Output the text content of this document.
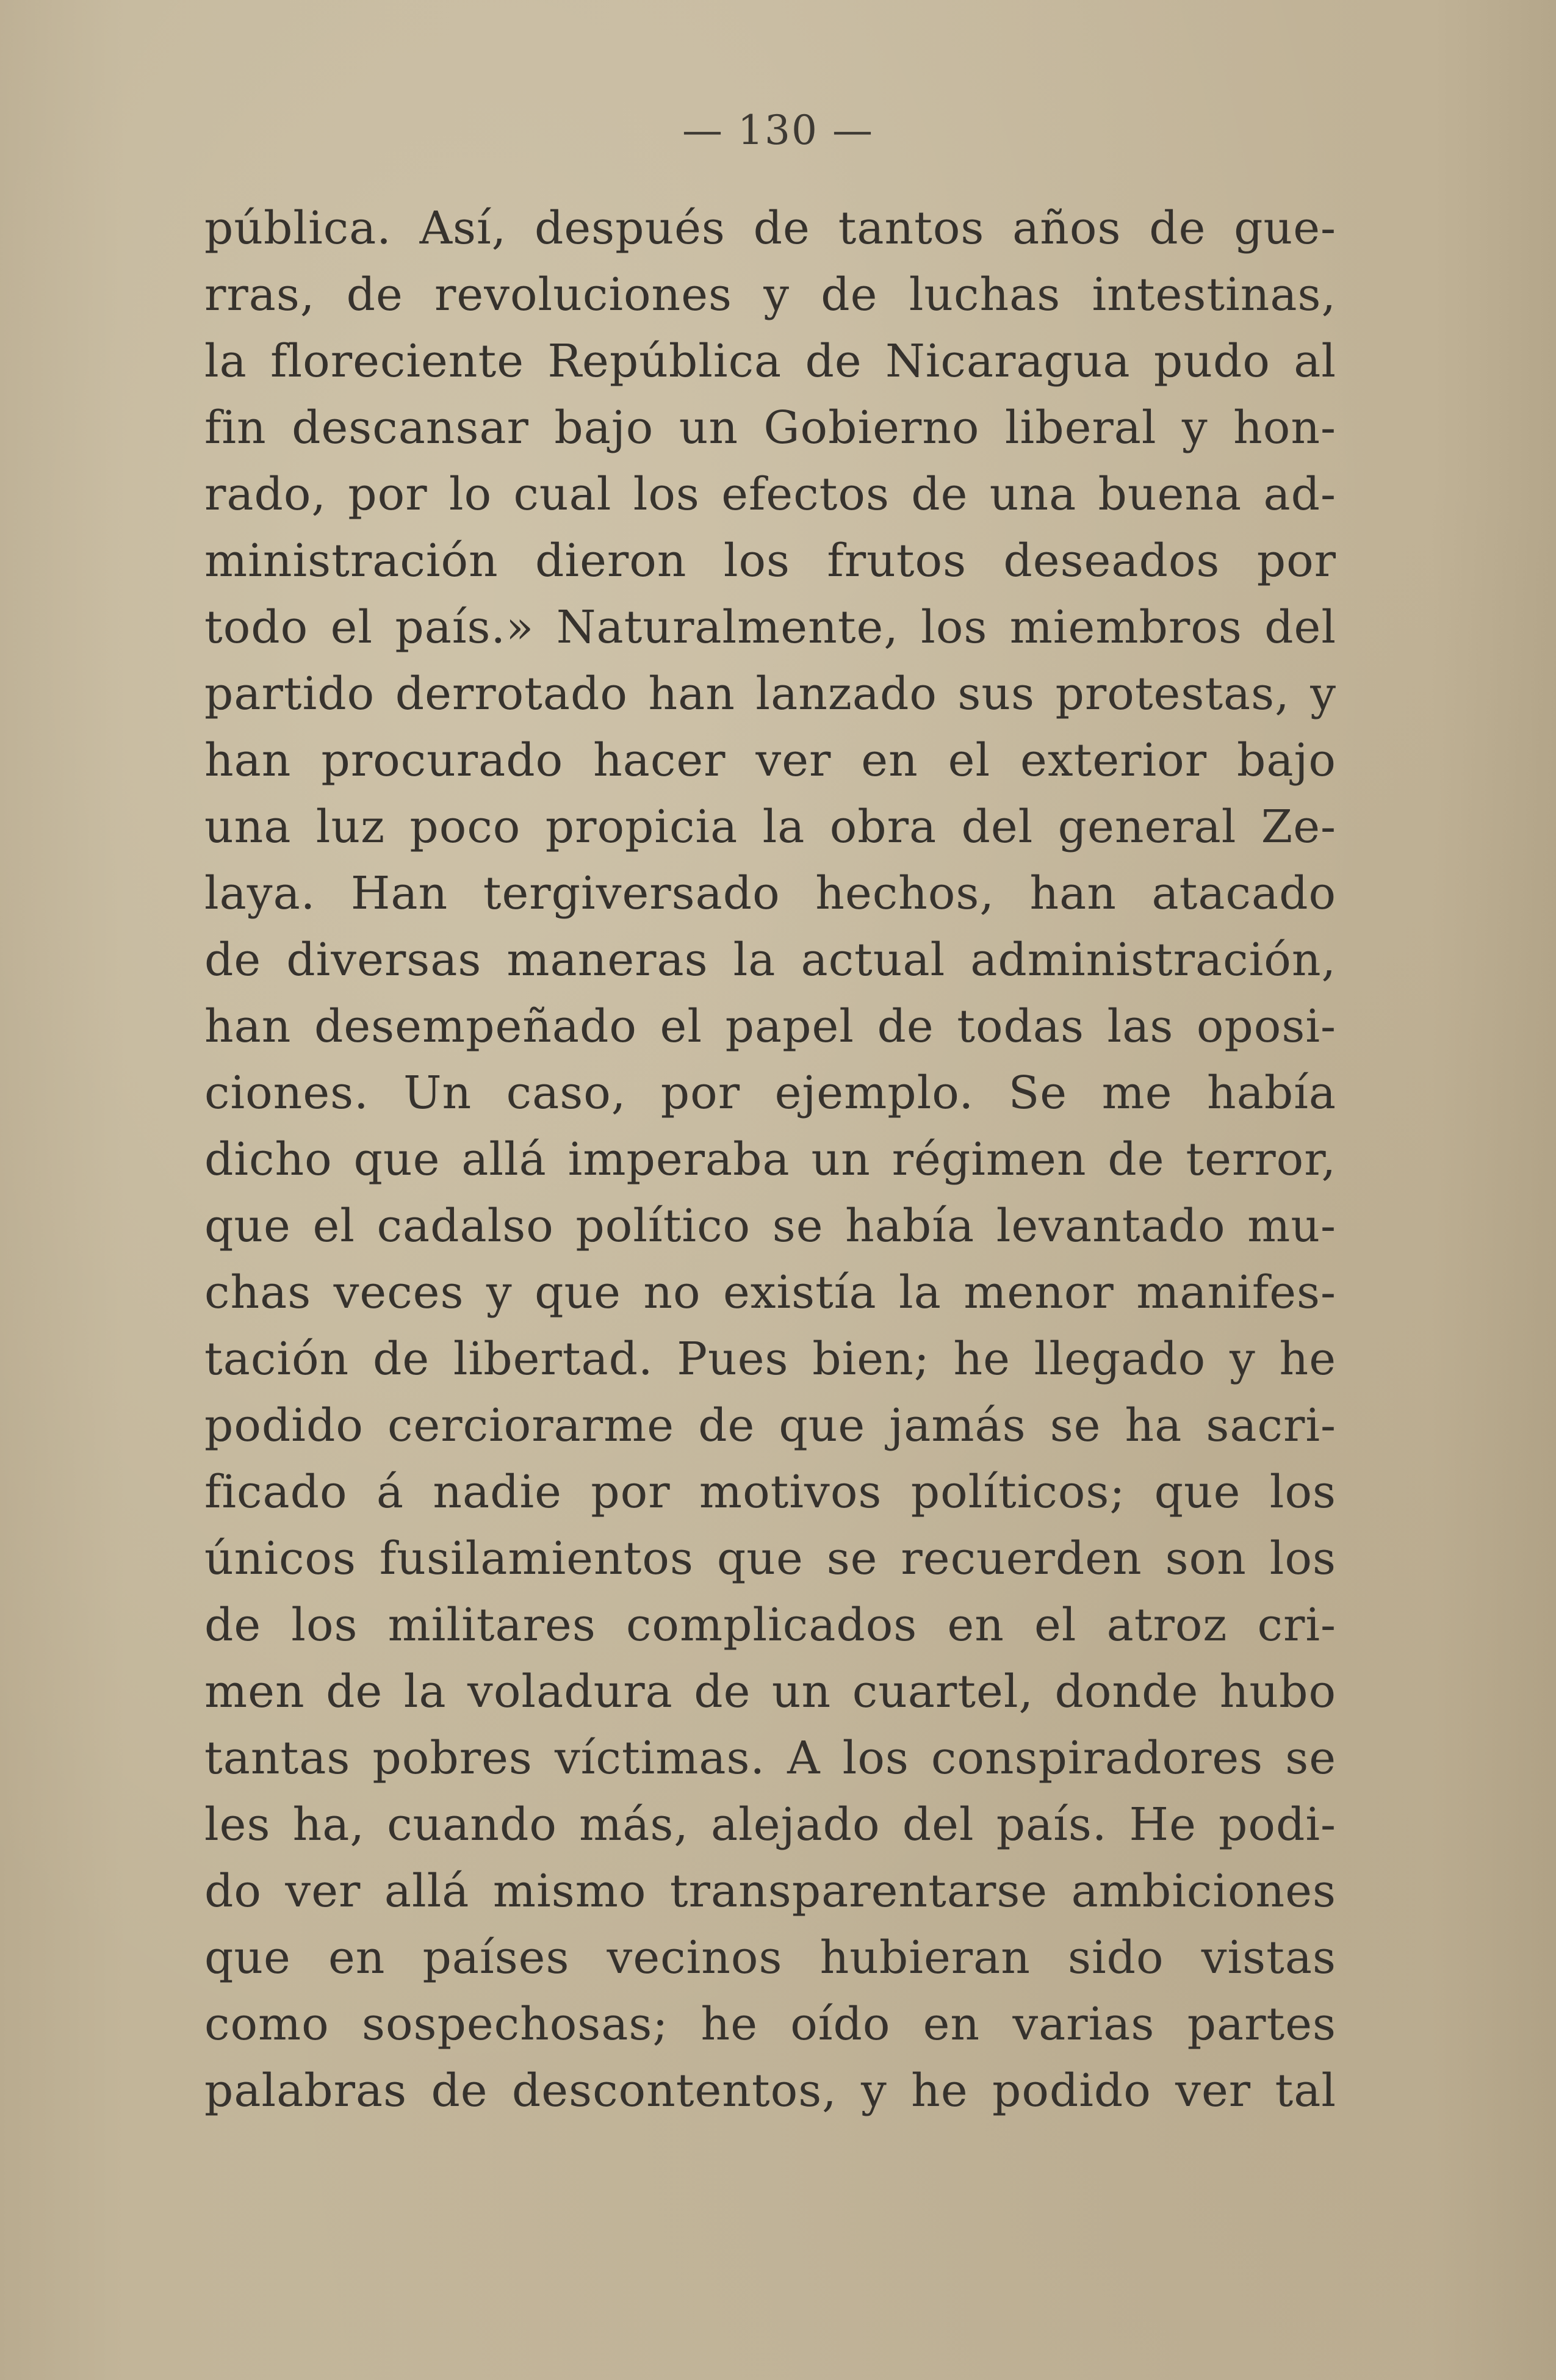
— 130 —
pública. Así, después de tantos años de gue-
rras, de revoluciones y de luchas intestinas,
la floreciente República de Nicaragua pudo al
fin descansar bajo un Gobierno liberal y hon-
rado, por lo cual los efectos de una buena ad-
ministración dieron los frutos deseados por
todo el país.» Naturalmente, los miembros del
partido derrotado han lanzado sus protestas, y
han procurado hacer ver en el exterior bajo
una luz poco propicia la obra del general Ze-
laya. Han tergiversado hechos, han atacado
de diversas maneras la actual administración,
han desempeñado el papel de todas las oposi-
ciones. Un caso, por ejemplo. Se me había
dicho que allá imperaba un régimen de terror,
que el cadalso político se había levantado mu-
chas veces y que no existía la menor manifes-
tación de libertad. Pues bien; he llegado y he
podido cerciorarme de que jamás se ha sacri-
ficado á nadie por motivos políticos; que los
únicos fusilamientos que se recuerden son los
de los militares complicados en el atroz cri-
men de la voladura de un cuartel, donde hubo
tantas pobres víctimas. A los conspiradores se
les ha, cuando más, alejado del país. He podi-
do ver allá mismo transparentarse ambiciones
que en países vecinos hubieran sido vistas
como sospechosas; he oído en varias partes
palabras de descontentos, y he podido ver tal
